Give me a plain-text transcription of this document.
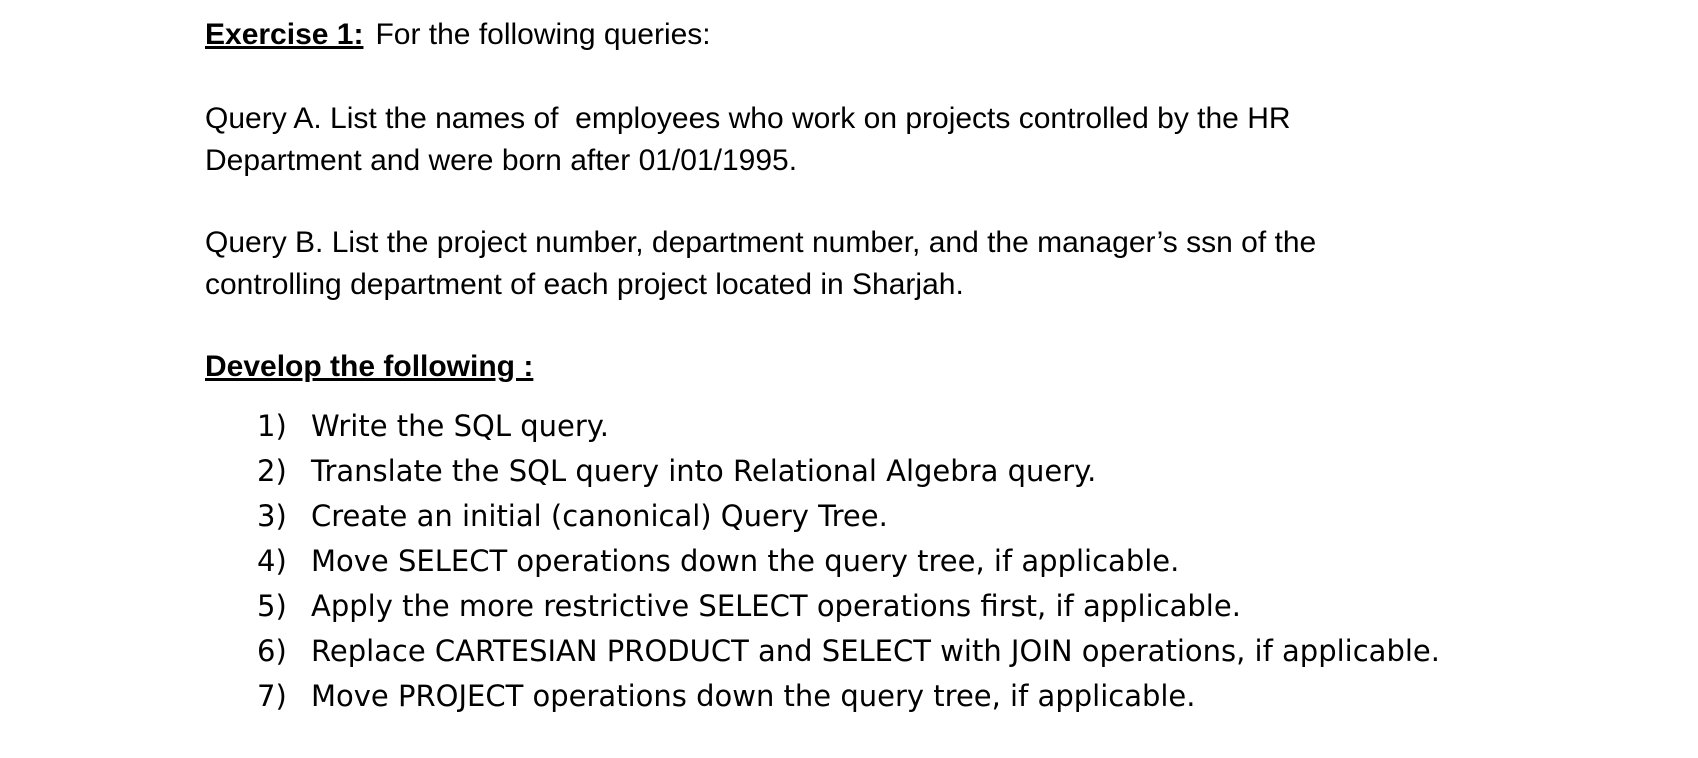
Exercise 1: For the following queries:

Query A. List the names of  employees who work on projects controlled by the HR
Department and were born after 01/01/1995.

Query B. List the project number, department number, and the manager’s ssn of the
controlling department of each project located in Sharjah.

Develop the following :

1) Write the SQL query.
2) Translate the SQL query into Relational Algebra query.
3) Create an initial (canonical) Query Tree.
4) Move SELECT operations down the query tree, if applicable.
5) Apply the more restrictive SELECT operations first, if applicable.
6) Replace CARTESIAN PRODUCT and SELECT with JOIN operations, if applicable.
7) Move PROJECT operations down the query tree, if applicable.
